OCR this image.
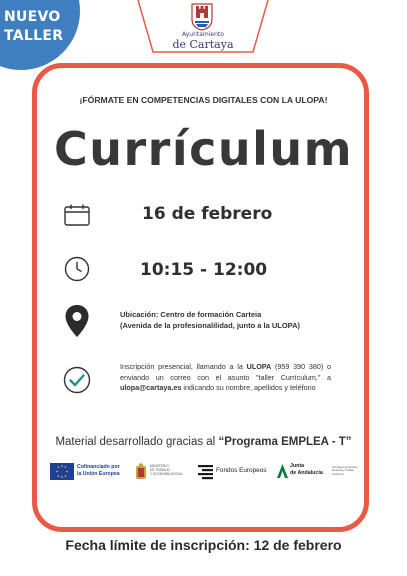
NUEVO
TALLER	Ayuntamiento
de Cartaya
¡FÓRMATE EN COMPETENCIAS DIGITALES CON LA ULOPA!
Currículum
16 de febrero
10:15 - 12:00
Ubicación: Centro de formación Carteia
(Avenida de la profesionalilidad, junto a la ULOPA)
Inscripción presencial, llamando a la ULOPA (959 390 380) o enviando un correo con el asunto "taller Currículum," a ulopa@cartaya.es indicando su nombre, apellidos y teléfono
Material desarrollado gracias al “Programa EMPLEA - T”
Cofinanciado por
la Unión Europea
MINISTERIO
DE TRABAJO
Y ECONOMÍA SOCIAL
Fondos Europeos
Junta
de Andalucía
Consejería de Empleo, Empresa y Trabajo Autónomo
Fecha límite de inscripción: 12 de febrero
